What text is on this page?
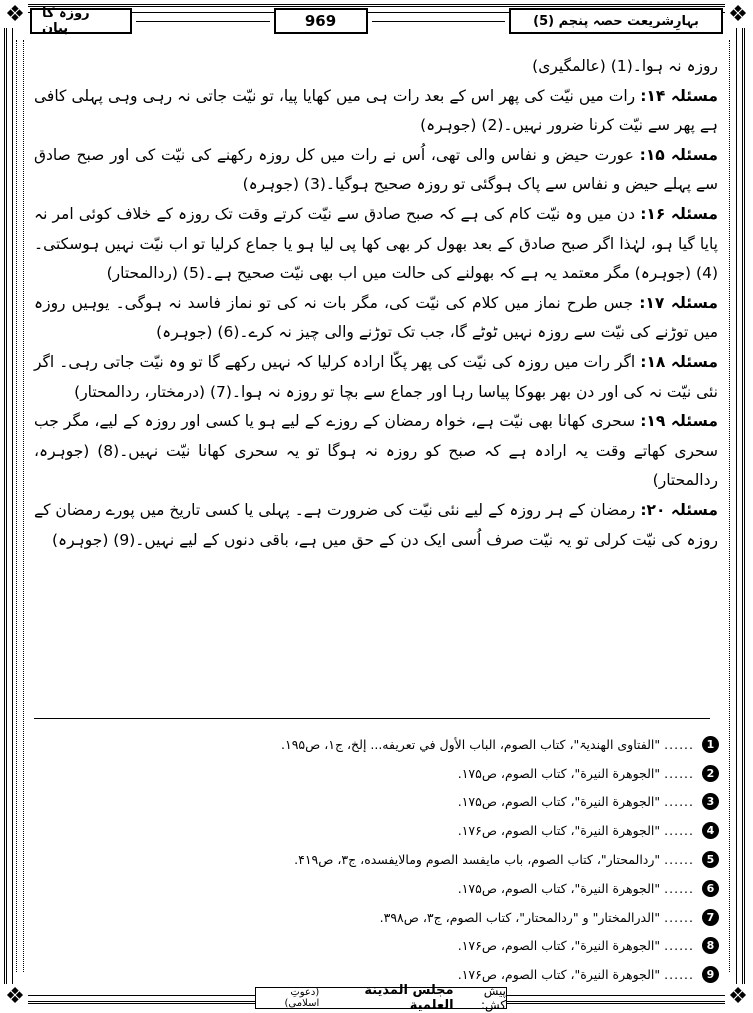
❖	❖
❖	❖
روزہ کا بیان	969	بہارِشریعت حصہ پنجم (5)

روزہ نہ ہوا۔(1) (عالمگیری)

مسئلہ ۱۴: رات میں نیّت کی پھر اس کے بعد رات ہی میں کھایا پیا، تو نیّت جاتی نہ رہی وہی پہلی کافی ہے پھر سے نیّت کرنا ضرور نہیں۔(2) (جوہرہ)

مسئلہ ۱۵: عورت حیض و نفاس والی تھی، اُس نے رات میں کل روزہ رکھنے کی نیّت کی اور صبح صادق سے پہلے حیض و نفاس سے پاک ہوگئی تو روزہ صحیح ہوگیا۔(3) (جوہرہ)

مسئلہ ۱۶: دن میں وہ نیّت کام کی ہے کہ صبح صادق سے نیّت کرتے وقت تک روزہ کے خلاف کوئی امر نہ پایا گیا ہو، لہٰذا اگر صبح صادق کے بعد بھول کر بھی کھا پی لیا ہو یا جماع کرلیا تو اب نیّت نہیں ہوسکتی۔(4) (جوہرہ) مگر معتمد یہ ہے کہ بھولنے کی حالت میں اب بھی نیّت صحیح ہے۔(5) (ردالمحتار)

مسئلہ ۱۷: جس طرح نماز میں کلام کی نیّت کی، مگر بات نہ کی تو نماز فاسد نہ ہوگی۔ یوہیں روزہ میں توڑنے کی نیّت سے روزہ نہیں ٹوٹے گا، جب تک توڑنے والی چیز نہ کرے۔(6) (جوہرہ)

مسئلہ ۱۸: اگر رات میں روزہ کی نیّت کی پھر پکّا ارادہ کرلیا کہ نہیں رکھے گا تو وہ نیّت جاتی رہی۔ اگر نئی نیّت نہ کی اور دن بھر بھوکا پیاسا رہا اور جماع سے بچا تو روزہ نہ ہوا۔(7) (درمختار، ردالمحتار)

مسئلہ ۱۹: سحری کھانا بھی نیّت ہے، خواہ رمضان کے روزے کے لیے ہو یا کسی اور روزہ کے لیے، مگر جب سحری کھاتے وقت یہ ارادہ ہے کہ صبح کو روزہ نہ ہوگا تو یہ سحری کھانا نیّت نہیں۔(8) (جوہرہ، ردالمحتار)

مسئلہ ۲۰: رمضان کے ہر روزہ کے لیے نئی نیّت کی ضرورت ہے۔ پہلی یا کسی تاریخ میں پورے رمضان کے روزہ کی نیّت کرلی تو یہ نیّت صرف اُسی ایک دن کے حق میں ہے، باقی دنوں کے لیے نہیں۔(9) (جوہرہ)

1
......
"الفتاوی الھندیۃ"، کتاب الصوم، الباب الأول في تعریفه... إلخ، ج۱، ص۱۹۵.
2
......
"الجوهرة النيرة"، کتاب الصوم، ص۱۷۵.
3
......
"الجوهرة النيرة"، کتاب الصوم، ص۱۷۵.
4
......
"الجوهرة النيرة"، کتاب الصوم، ص۱۷۶.
5
......
"ردالمحتار"، کتاب الصوم، باب مایفسد الصوم ومالایفسده، ج۳، ص۴۱۹.
6
......
"الجوهرة النيرة"، کتاب الصوم، ص۱۷۵.
7
......
"الدرالمختار" و "ردالمحتار"، کتاب الصوم، ج۳، ص۳۹۸.
8
......
"الجوهرة النيرة"، کتاب الصوم، ص۱۷۶.
9
......
"الجوهرة النيرة"، کتاب الصوم، ص۱۷۶.
پیش کش:
مجلس المدینة العلمیة
(دعوتِ اسلامی)
